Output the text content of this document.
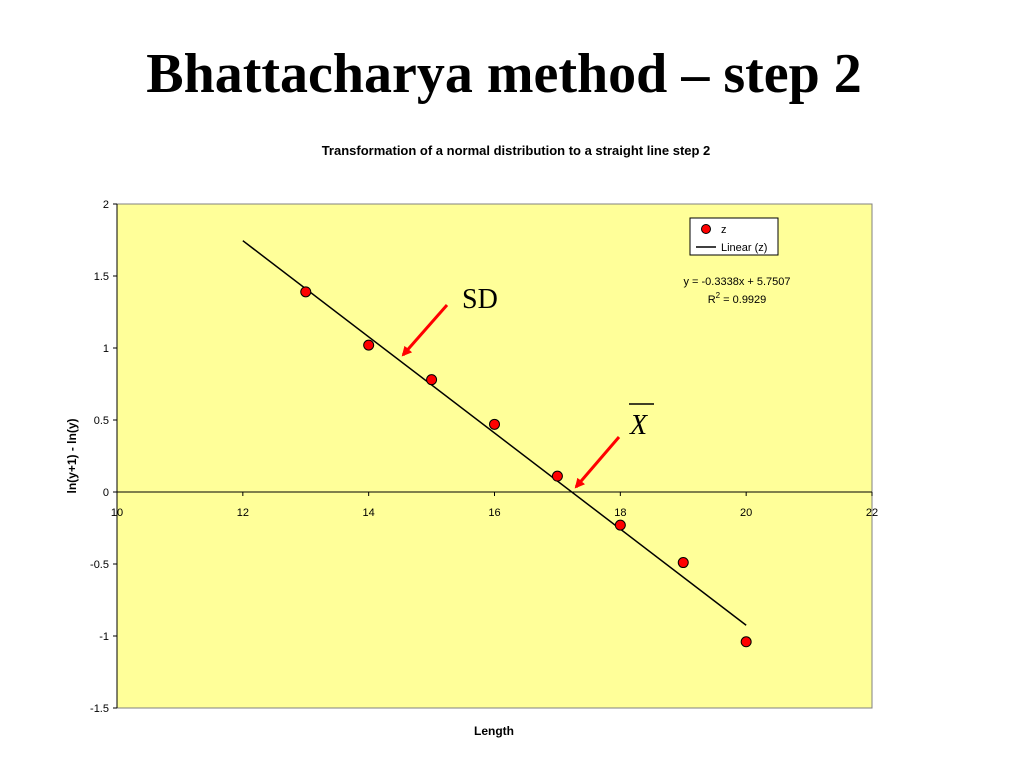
Bhattacharya method – step 2
Transformation of a normal distribution to a straight line step 2
-1.5
-1
-0.5
0
0.5
1
1.5
2
10	12	14	16	18	20	22
Length
ln(y+1) - ln(y)
z
Linear (z)
y = -0.3338x + 5.7507
$R^2 = 0.9929$
SD
X
